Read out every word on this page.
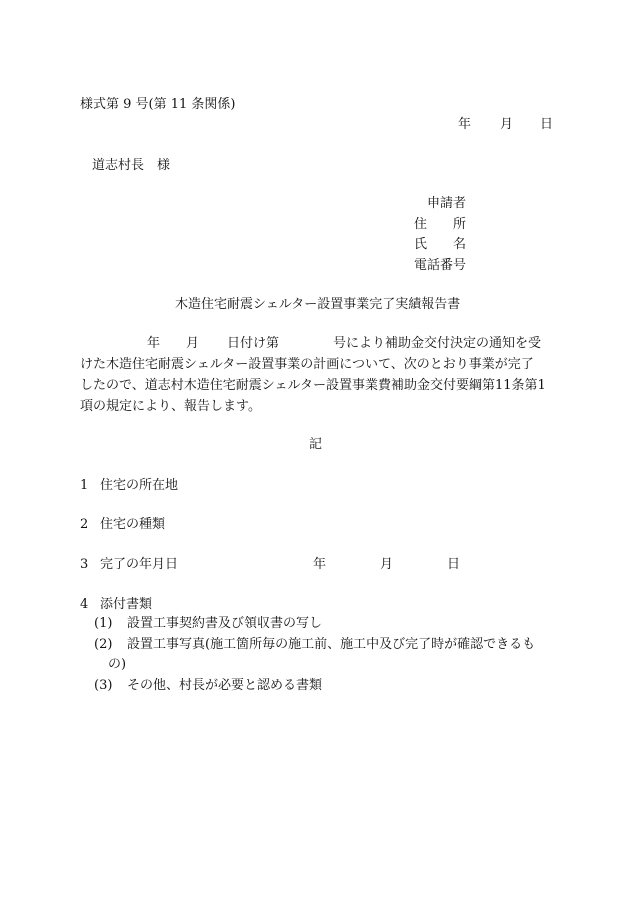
様式第 9 号(第 11 条関係)
年 月 日
道志村長　様
申請者
住　　所
氏　　名
電話番号
木造住宅耐震シェルター設置事業完了実績報告書
年 月 日付け第	号により補助金交付決定の通知を受
けた木造住宅耐震シェルター設置事業の計画について、次のとおり事業が完了
したので、道志村木造住宅耐震シェルター設置事業費補助金交付要綱第11条第1
項の規定により、報告します。
記
1 住宅の所在地
2 住宅の種類
3 完了の年月日	年	月	日
4 添付書類
(1) 設置工事契約書及び領収書の写し
(2) 設置工事写真(施工箇所毎の施工前、施工中及び完了時が確認できるも
の)
(3) その他、村長が必要と認める書類
